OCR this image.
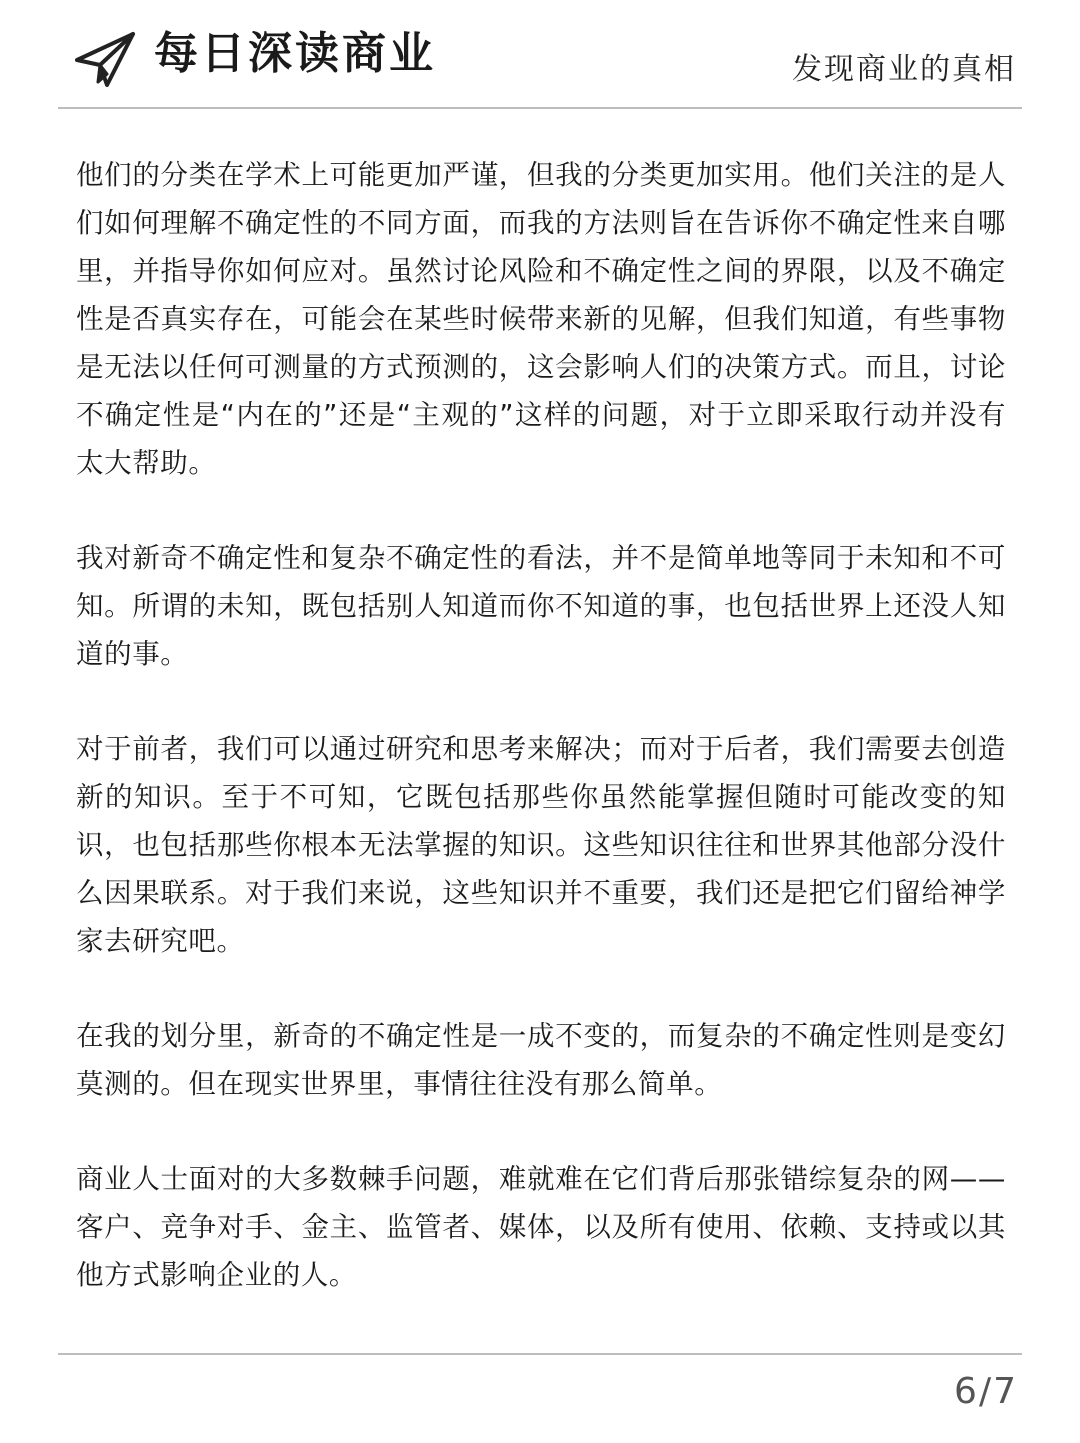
每日深读商业	发现商业的真相

他们的分类在学术上可能更加严谨，但我的分类更加实用。他们关注的是人们如何理解不确定性的不同方面，而我的方法则旨在告诉你不确定性来自哪里，并指导你如何应对。虽然讨论风险和不确定性之间的界限，以及不确定性是否真实存在，可能会在某些时候带来新的见解，但我们知道，有些事物是无法以任何可测量的方式预测的，这会影响人们的决策方式。而且，讨论不确定性是“内在的”还是“主观的”这样的问题，对于立即采取行动并没有太大帮助。

我对新奇不确定性和复杂不确定性的看法，并不是简单地等同于未知和不可知。所谓的未知，既包括别人知道而你不知道的事，也包括世界上还没人知道的事。

对于前者，我们可以通过研究和思考来解决；而对于后者，我们需要去创造新的知识。至于不可知，它既包括那些你虽然能掌握但随时可能改变的知识，也包括那些你根本无法掌握的知识。这些知识往往和世界其他部分没什么因果联系。对于我们来说，这些知识并不重要，我们还是把它们留给神学家去研究吧。

在我的划分里，新奇的不确定性是一成不变的，而复杂的不确定性则是变幻莫测的。但在现实世界里，事情往往没有那么简单。

商业人士面对的大多数棘手问题，难就难在它们背后那张错综复杂的网——客户、竞争对手、金主、监管者、媒体，以及所有使用、依赖、支持或以其他方式影响企业的人。

6/7
